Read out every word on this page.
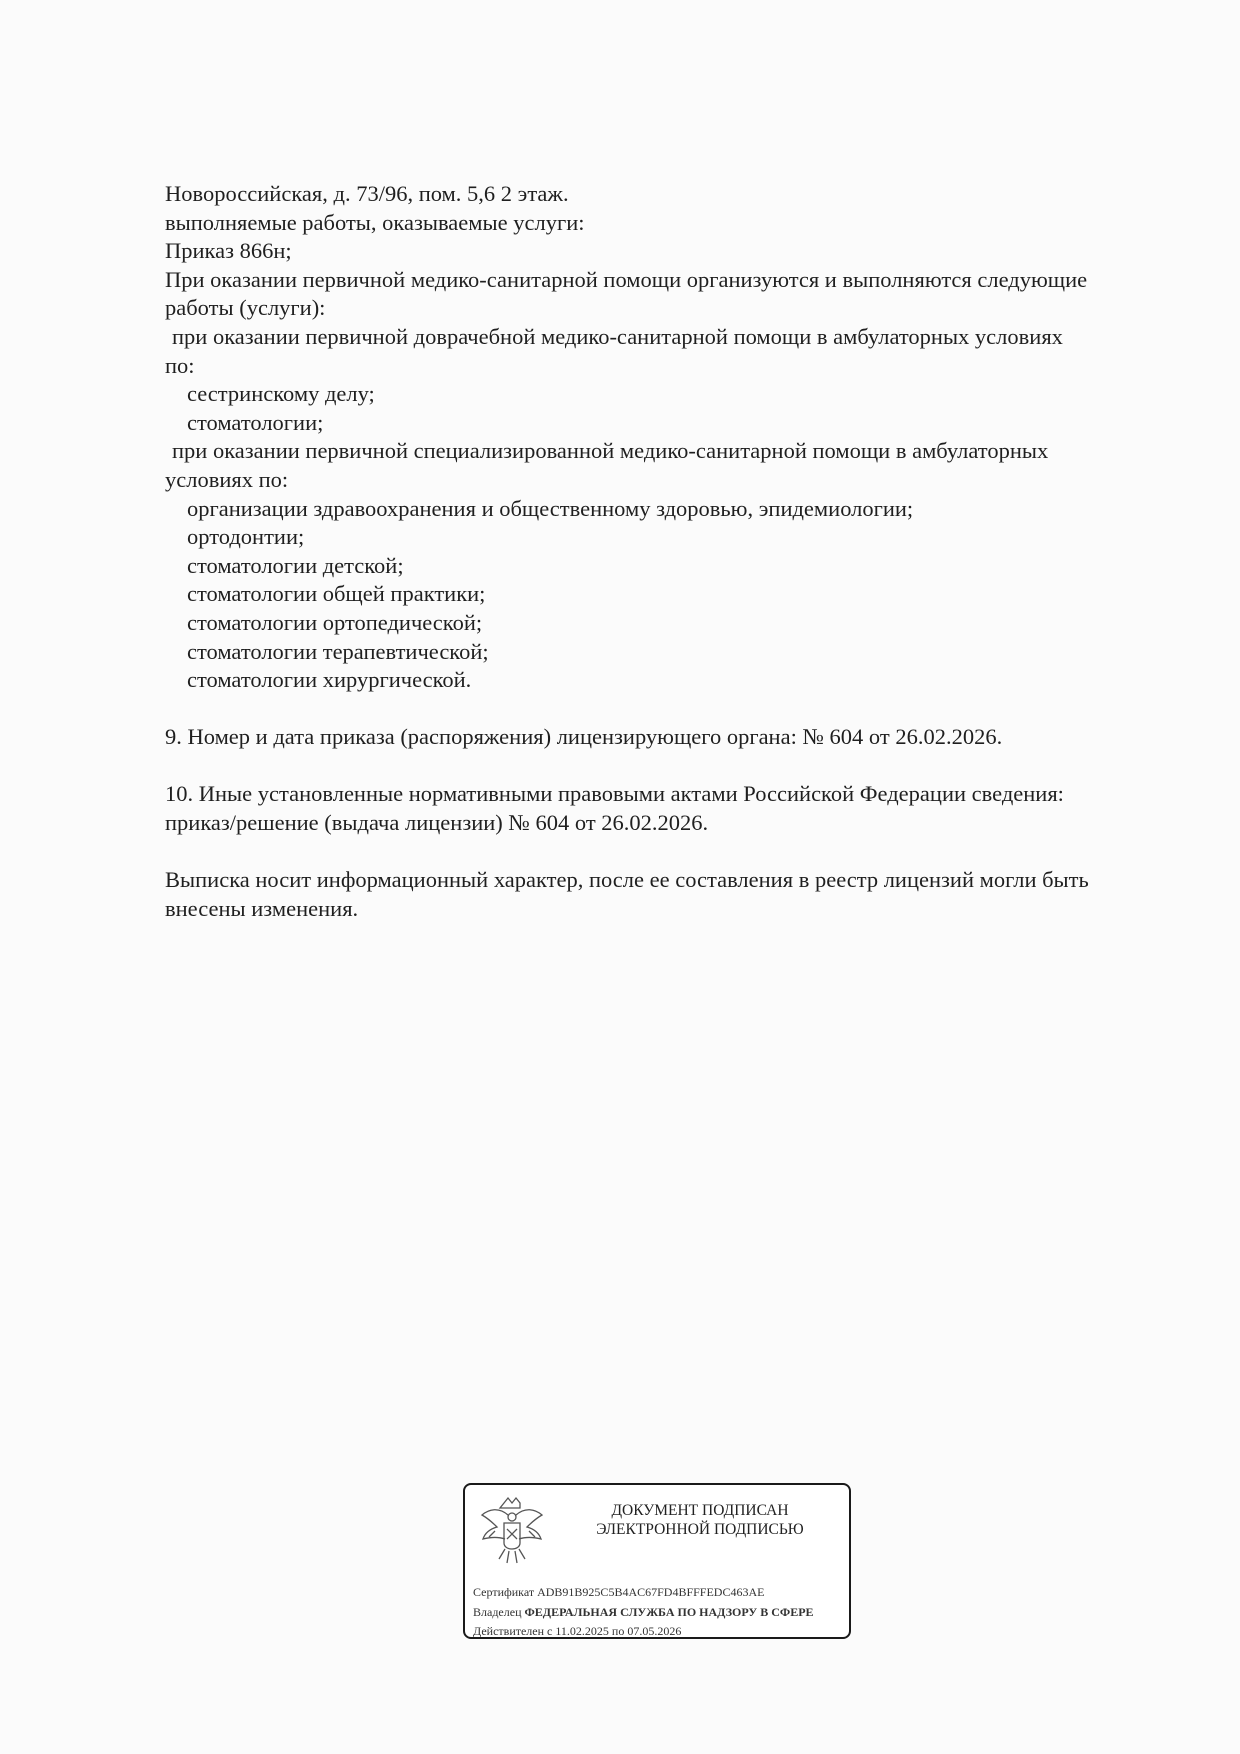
Новороссийская, д. 73/96, пом. 5,6 2 этаж.
выполняемые работы, оказываемые услуги:
Приказ 866н;
При оказании первичной медико-санитарной помощи организуются и выполняются следующие
работы (услуги):
при оказании первичной доврачебной медико-санитарной помощи в амбулаторных условиях
по:
сестринскому делу;
стоматологии;
при оказании первичной специализированной медико-санитарной помощи в амбулаторных
условиях по:
организации здравоохранения и общественному здоровью, эпидемиологии;
ортодонтии;
стоматологии детской;
стоматологии общей практики;
стоматологии ортопедической;
стоматологии терапевтической;
стоматологии хирургической.
9. Номер и дата приказа (распоряжения) лицензирующего органа: № 604 от 26.02.2026.
10. Иные установленные нормативными правовыми актами Российской Федерации сведения:
приказ/решение (выдача лицензии) № 604 от 26.02.2026.
Выписка носит информационный характер, после ее составления в реестр лицензий могли быть
внесены изменения.
ДОКУМЕНТ ПОДПИСАН
ЭЛЕКТРОННОЙ ПОДПИСЬЮ
Сертификат ADB91B925C5B4AC67FD4BFFFEDC463AE
Владелец ФЕДЕРАЛЬНАЯ СЛУЖБА ПО НАДЗОРУ В СФЕРЕ
Действителен с 11.02.2025 по 07.05.2026
